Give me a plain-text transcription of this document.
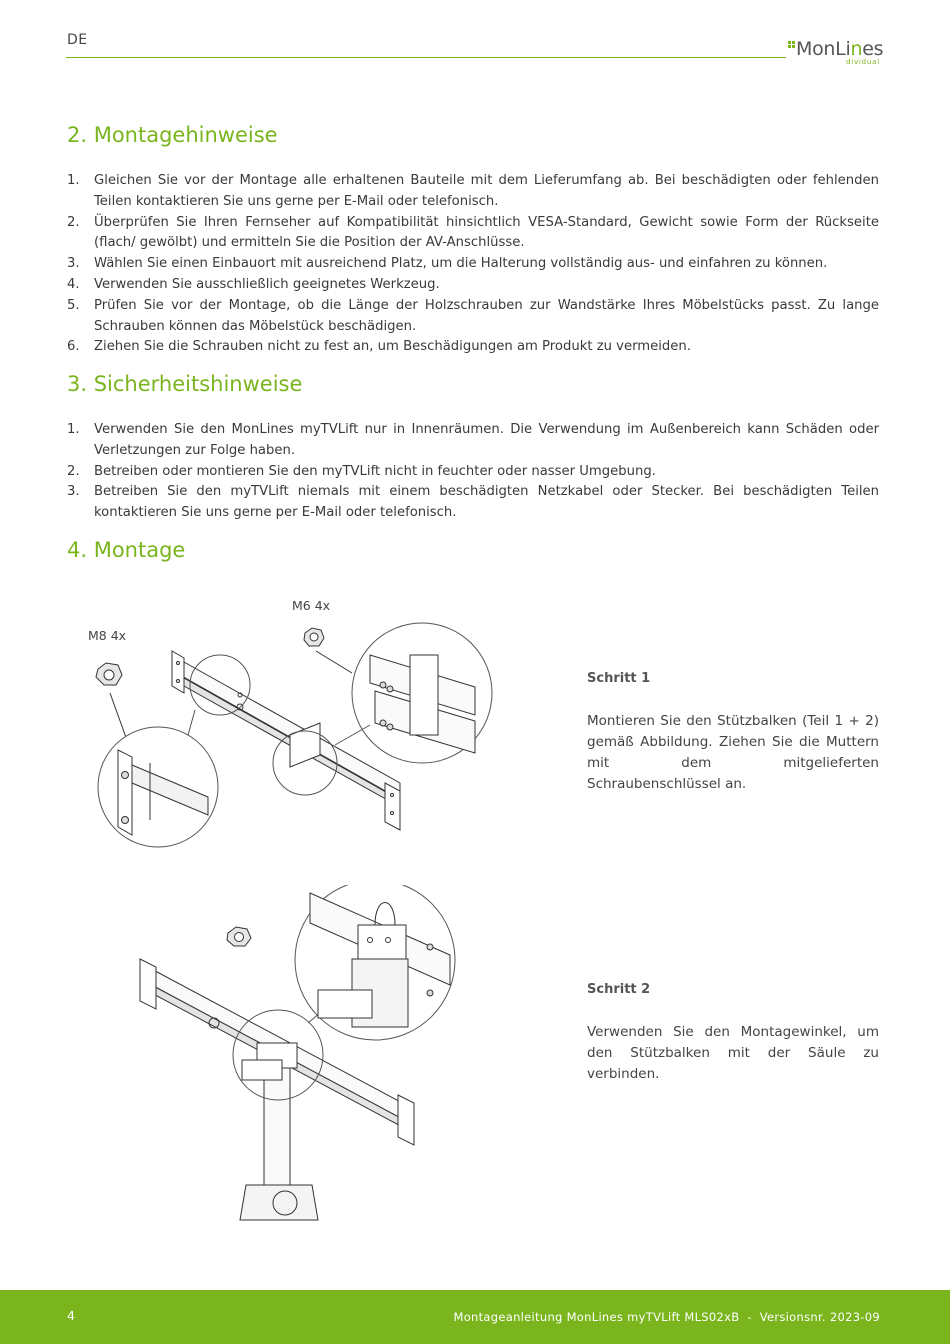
DE	MonLines
dividual
2. Montagehinweise
1. Gleichen Sie vor der Montage alle erhaltenen Bauteile mit dem Lieferumfang ab. Bei beschädigten oder fehlenden Teilen kontaktieren Sie uns gerne per E-Mail oder telefonisch.
2. Überprüfen Sie Ihren Fernseher auf Kompatibilität hinsichtlich VESA-Standard, Gewicht sowie Form der Rückseite (flach/ gewölbt) und ermitteln Sie die Position der AV-Anschlüsse.
3. Wählen Sie einen Einbauort mit ausreichend Platz, um die Halterung vollständig aus- und einfahren zu können.
4. Verwenden Sie ausschließlich geeignetes Werkzeug.
5. Prüfen Sie vor der Montage, ob die Länge der Holzschrauben zur Wandstärke Ihres Möbelstücks passt. Zu lange Schrauben können das Möbelstück beschädigen.
6. Ziehen Sie die Schrauben nicht zu fest an, um Beschädigungen am Produkt zu vermeiden.
3. Sicherheitshinweise
1. Verwenden Sie den MonLines myTVLift nur in Innenräumen. Die Verwendung im Außenbereich kann Schäden oder Verletzungen zur Folge haben.
2. Betreiben oder montieren Sie den myTVLift nicht in feuchter oder nasser Umgebung.
3. Betreiben Sie den myTVLift niemals mit einem beschädigten Netzkabel oder Stecker. Bei beschädigten Teilen kontaktieren Sie uns gerne per E-Mail oder telefonisch.
4. Montage
M8 4x
M6 4x
Schritt 1
Montieren Sie den Stützbalken (Teil 1 + 2) gemäß Abbildung. Ziehen Sie die Muttern mit dem mitgelieferten Schraubenschlüssel an.
Schritt 2
Verwenden Sie den Montagewinkel, um den Stützbalken mit der Säule zu verbinden.
4	Montageanleitung MonLines myTVLift MLS02xB  -  Versionsnr. 2023-09
